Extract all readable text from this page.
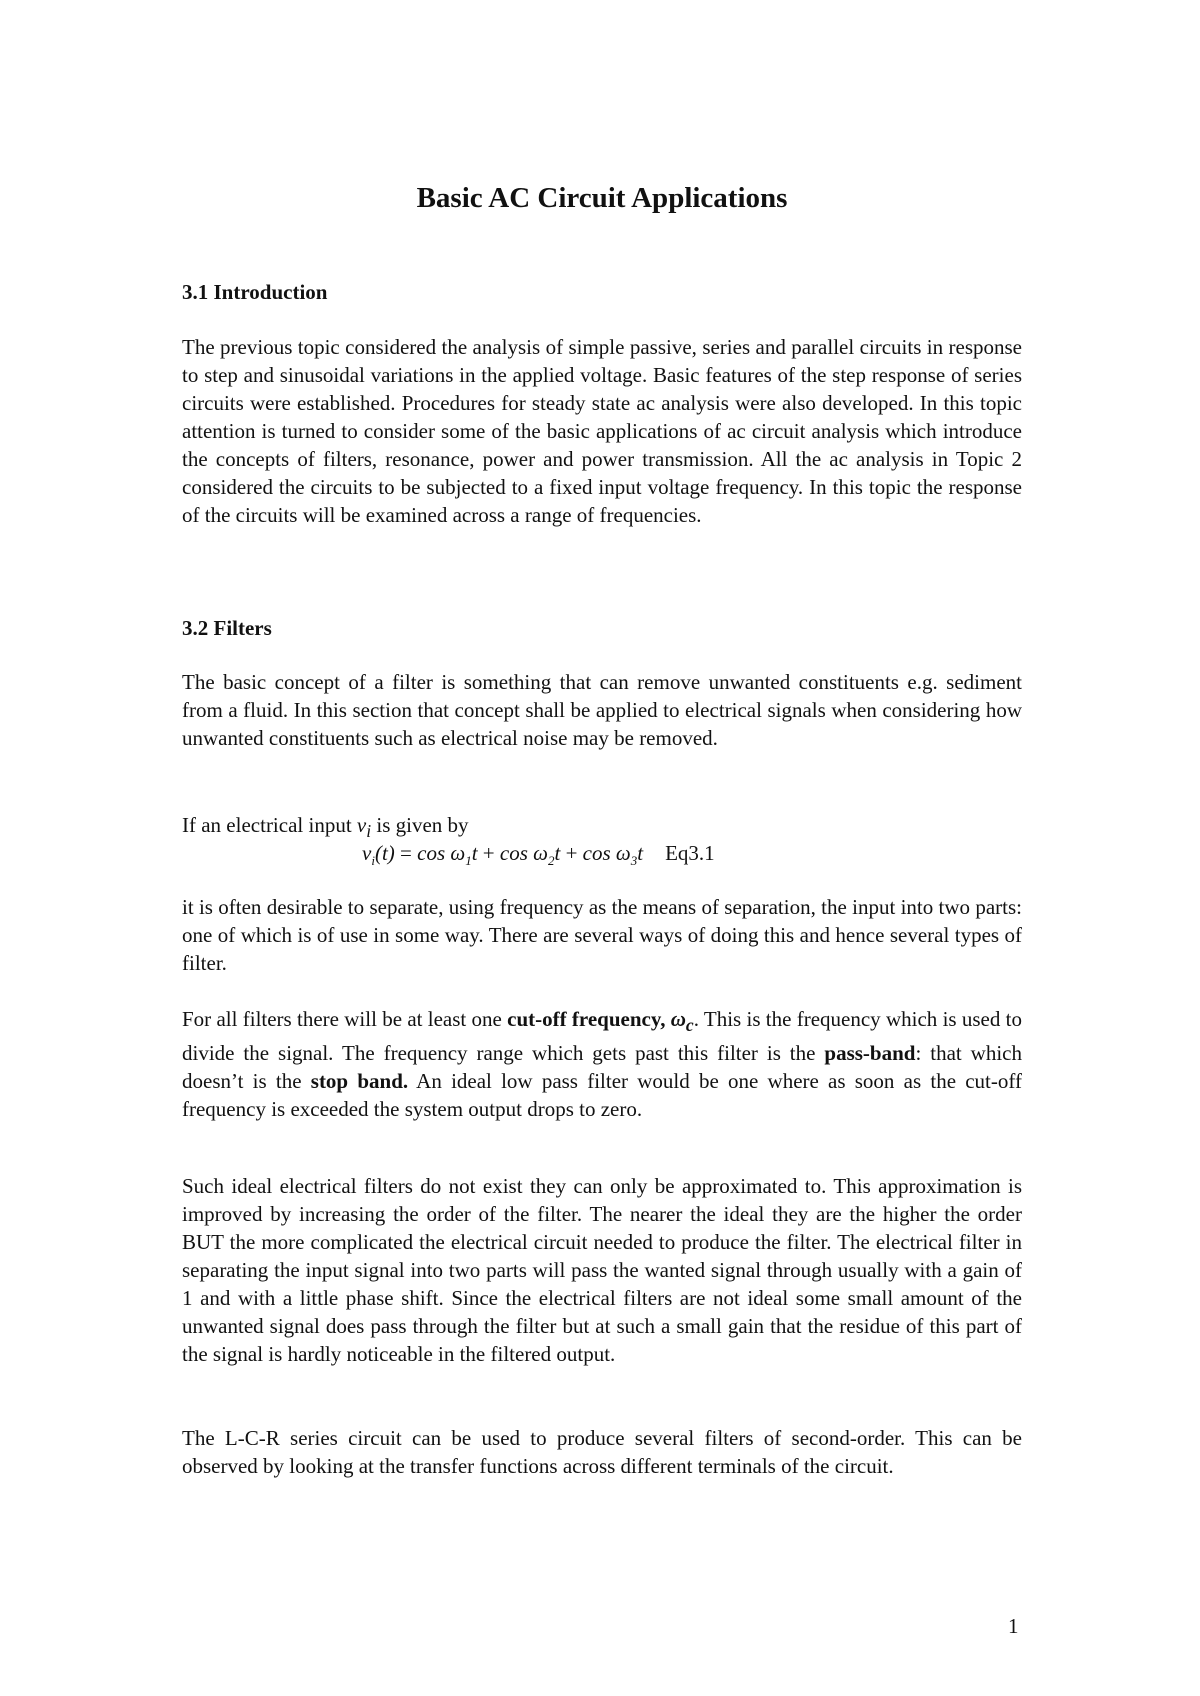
Basic AC Circuit Applications
3.1 Introduction

The previous topic considered the analysis of simple passive, series and parallel circuits in response to step and sinusoidal variations in the applied voltage. Basic features of the step response of series circuits were established. Procedures for steady state ac analysis were also developed. In this topic attention is turned to consider some of the basic applications of ac circuit analysis which introduce the concepts of filters, resonance, power and power transmission. All the ac analysis in Topic 2 considered the circuits to be subjected to a fixed input voltage frequency. In this topic the response of the circuits will be examined across a range of frequencies.

3.2 Filters

The basic concept of a filter is something that can remove unwanted constituents e.g. sediment from a fluid. In this section that concept shall be applied to electrical signals when considering how unwanted constituents such as electrical noise may be removed.

If an electrical input $v_i$ is given by

$v_i(t) = \cos \omega_1t + \cos \omega_2t + \cos \omega_3t$ Eq3.1

it is often desirable to separate, using frequency as the means of separation, the input into two parts: one of which is of use in some way. There are several ways of doing this and hence several types of filter.

For all filters there will be at least one cut-off frequency, $\omega_c$. This is the frequency which is used to divide the signal. The frequency range which gets past this filter is the pass-band: that which doesn’t is the stop band. An ideal low pass filter would be one where as soon as the cut-off frequency is exceeded the system output drops to zero.

Such ideal electrical filters do not exist they can only be approximated to. This approximation is improved by increasing the order of the filter. The nearer the ideal they are the higher the order BUT the more complicated the electrical circuit needed to produce the filter. The electrical filter in separating the input signal into two parts will pass the wanted signal through usually with a gain of 1 and with a little phase shift. Since the electrical filters are not ideal some small amount of the unwanted signal does pass through the filter but at such a small gain that the residue of this part of the signal is hardly noticeable in the filtered output.

The L-C-R series circuit can be used to produce several filters of second-order. This can be observed by looking at the transfer functions across different terminals of the circuit.

1
